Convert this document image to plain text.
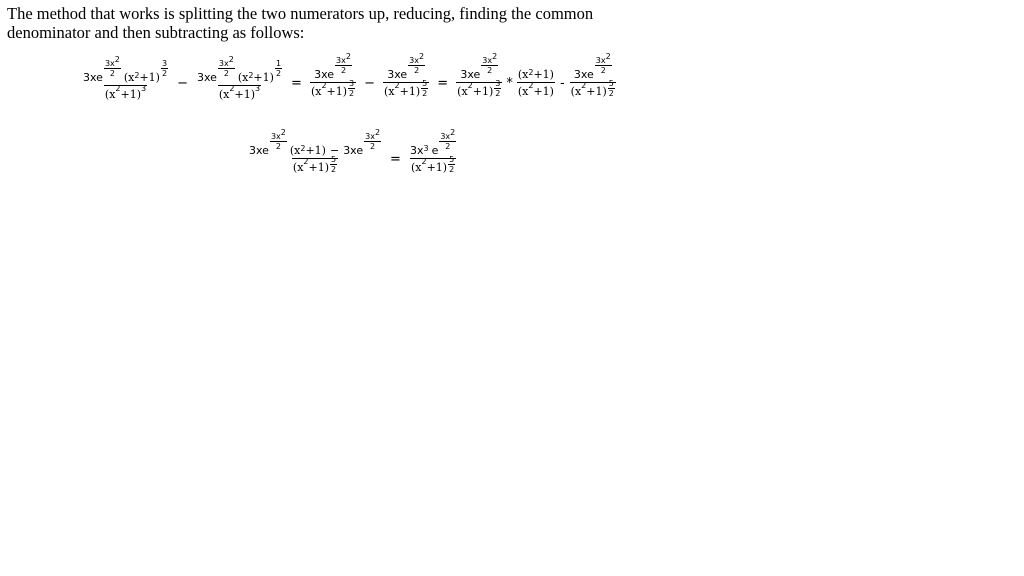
The method that works is splitting the two numerators up, reducing, finding the common
denominator and then subtracting as follows:
3xe
3x2
2 (x 2 +1)
3
2
(x 2 +1) 3 − 3xe
3x2
2 (x 2 +1)
1
2
(x 2 +1) 3 = 3xe
3x2
2
(x 2 +1)
3
2 − 3xe
3x2
2
(x 2 +1)
5
2 = 3xe
3x2
2
(x 2 +1)
3
$2 * \frac{(x 2 +1)}{(x 2 +1)} - 3xe$
3x2
2
(x 2 +1)
5
2
3xe
3x2
2 (x 2 +1) − 3xe
3x2
2
(x 2 +1)
5
2
= 3x 3 e
3x2
2
(x 2 +1)
5
2
